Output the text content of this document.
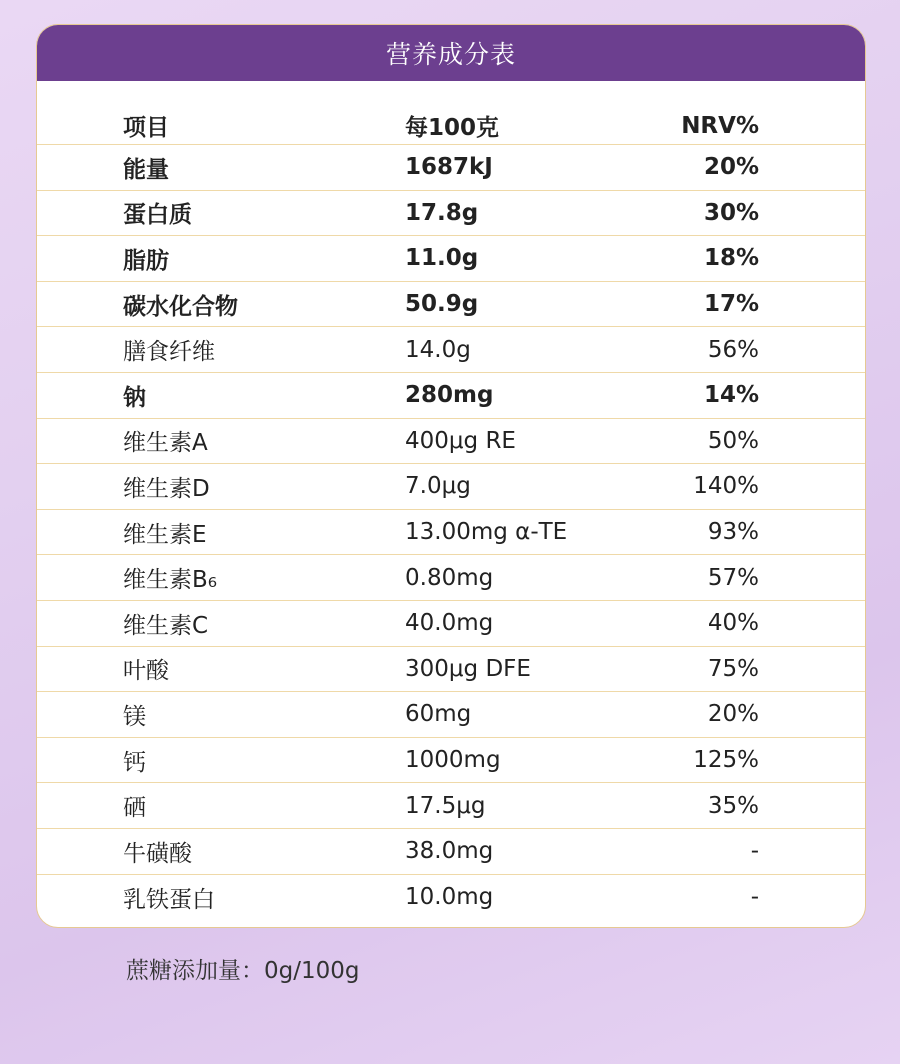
营养成分表
项目	每100克	NRV%
能量	1687kJ	20%
蛋白质	17.8g	30%
脂肪	11.0g	18%
碳水化合物	50.9g	17%
膳食纤维	14.0g	56%
钠	280mg	14%
维生素A	400μg RE	50%
维生素D	7.0μg	140%
维生素E	13.00mg α-TE	93%
维生素B₆	0.80mg	57%
维生素C	40.0mg	40%
叶酸	300μg DFE	75%
镁	60mg	20%
钙	1000mg	125%
硒	17.5μg	35%
牛磺酸	38.0mg	-
乳铁蛋白	10.0mg	-
蔗糖添加量：0g/100g
